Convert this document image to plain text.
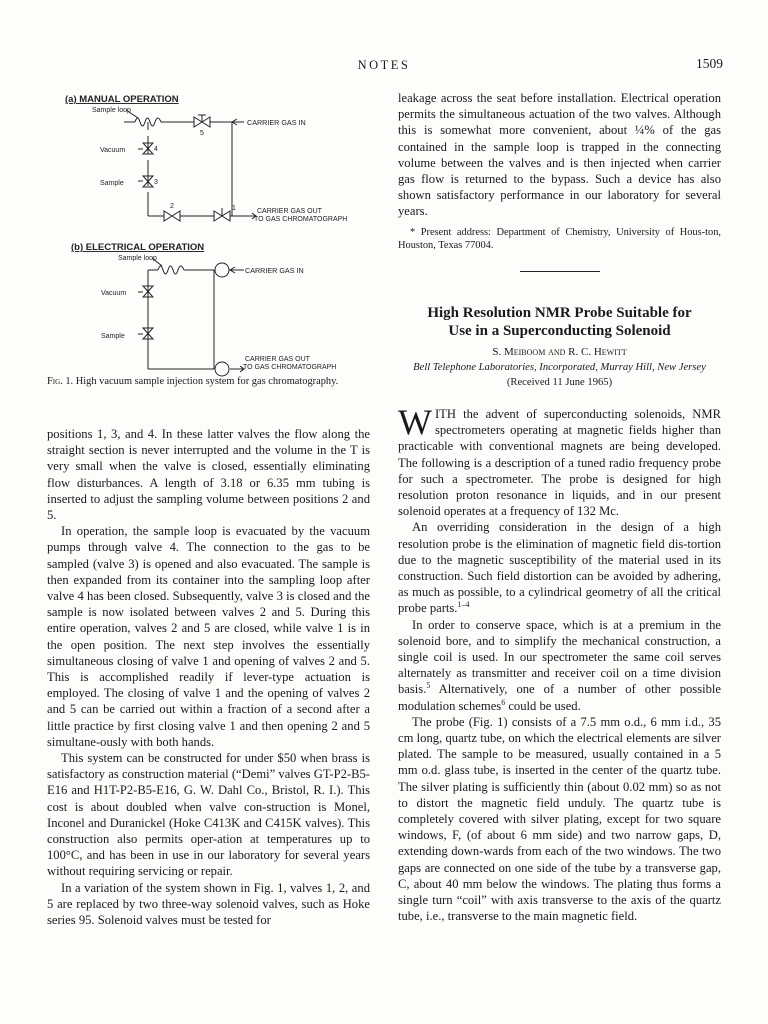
NOTES	1509
(a) MANUAL OPERATION
Sample loop
5
CARRIER GAS IN
4
Vacuum
3
Sample
2	1	CARRIER GAS OUT
TO GAS CHROMATOGRAPH
(b) ELECTRICAL OPERATION
Sample loop
CARRIER GAS IN
Vacuum
Sample
CARRIER GAS OUT
TO GAS CHROMATOGRAPH
Fig. 1. High vacuum sample injection system for gas chromatography.

positions 1, 3, and 4. In these latter valves the flow along the straight section is never interrupted and the volume in the T is very small when the valve is closed, essentially eliminating flow disturbances. A length of 3.18 or 6.35 mm tubing is inserted to adjust the sampling volume between positions 2 and 5.

In operation, the sample loop is evacuated by the vacuum pumps through valve 4. The connection to the gas to be sampled (valve 3) is opened and also evacuated. The sample is then expanded from its container into the sampling loop after valve 4 has been closed. Subsequently, valve 3 is closed and the sample is now isolated between valves 2 and 5. During this entire operation, valves 2 and 5 are closed, while valve 1 is in the open position. The next step involves the essentially simultaneous closing of valve 1 and opening of valves 2 and 5. This is accomplished readily if lever-type actuation is employed. The closing of valve 1 and the opening of valves 2 and 5 can be carried out within a fraction of a second after a little practice by first closing valve 1 and then opening 2 and 5 simultane-ously with both hands.

This system can be constructed for under $50 when brass is satisfactory as construction material (“Demi” valves GT-P2-B5-E16 and H1T-P2-B5-E16, G. W. Dahl Co., Bristol, R. I.). This cost is about doubled when valve con-struction is Monel, Inconel and Duranickel (Hoke C413K and C415K valves). This construction also permits oper-ation at temperatures up to 100°C, and has been in use in our laboratory for several years without requiring servicing or repair.

In a variation of the system shown in Fig. 1, valves 1, 2, and 5 are replaced by two three-way solenoid valves, such as Hoke series 95. Solenoid valves must be tested for

leakage across the seat before installation. Electrical operation permits the simultaneous actuation of the two valves. Although this is somewhat more convenient, about ¼% of the gas contained in the sample loop is trapped in the connecting volume between the valves and is then injected when carrier gas flow is returned to the bypass. Such a device has also shown satisfactory performance in our laboratory for several years.

* Present address: Department of Chemistry, University of Hous-ton, Houston, Texas 77004.

High Resolution NMR Probe Suitable for
Use in a Superconducting Solenoid
S. Meiboom and R. C. Hewitt
Bell Telephone Laboratories, Incorporated, Murray Hill, New Jersey
(Received 11 June 1965)

WITH the advent of superconducting solenoids, NMR spectrometers operating at magnetic fields higher than practicable with conventional magnets are being developed. The following is a description of a tuned radio frequency probe for such a spectrometer. The probe is designed for high resolution proton resonance in liquids, and in our present solenoid operates at a frequency of 132 Mc.

An overriding consideration in the design of a high resolution probe is the elimination of magnetic field dis-tortion due to the magnetic susceptibility of the material used in its construction. Such field distortion can be avoided by adhering, as much as possible, to a cylindrical geometry of all the critical probe parts.$^{1-4}$

In order to conserve space, which is at a premium in the solenoid bore, and to simplify the mechanical construction, a single coil is used. In our spectrometer the same coil serves alternately as transmitter and receiver coil on a time division basis.$^5$ Alternatively, one of a number of other possible modulation schemes$^6$ could be used.

The probe (Fig. 1) consists of a 7.5 mm o.d., 6 mm i.d., 35 cm long, quartz tube, on which the electrical elements are silver plated. The sample to be measured, usually contained in a 5 mm o.d. glass tube, is inserted in the center of the quartz tube. The silver plating is sufficiently thin (about 0.02 mm) so as not to distort the magnetic field unduly. The quartz tube is completely covered with silver plating, except for two square windows, F, (of about 6 mm side) and two narrow gaps, D, extending down-wards from each of the two windows. The two gaps are connected on one side of the tube by a transverse gap, C, about 40 mm below the windows. The plating thus forms a single turn “coil” with axis transverse to the axis of the quartz tube, i.e., transverse to the main magnetic field.
